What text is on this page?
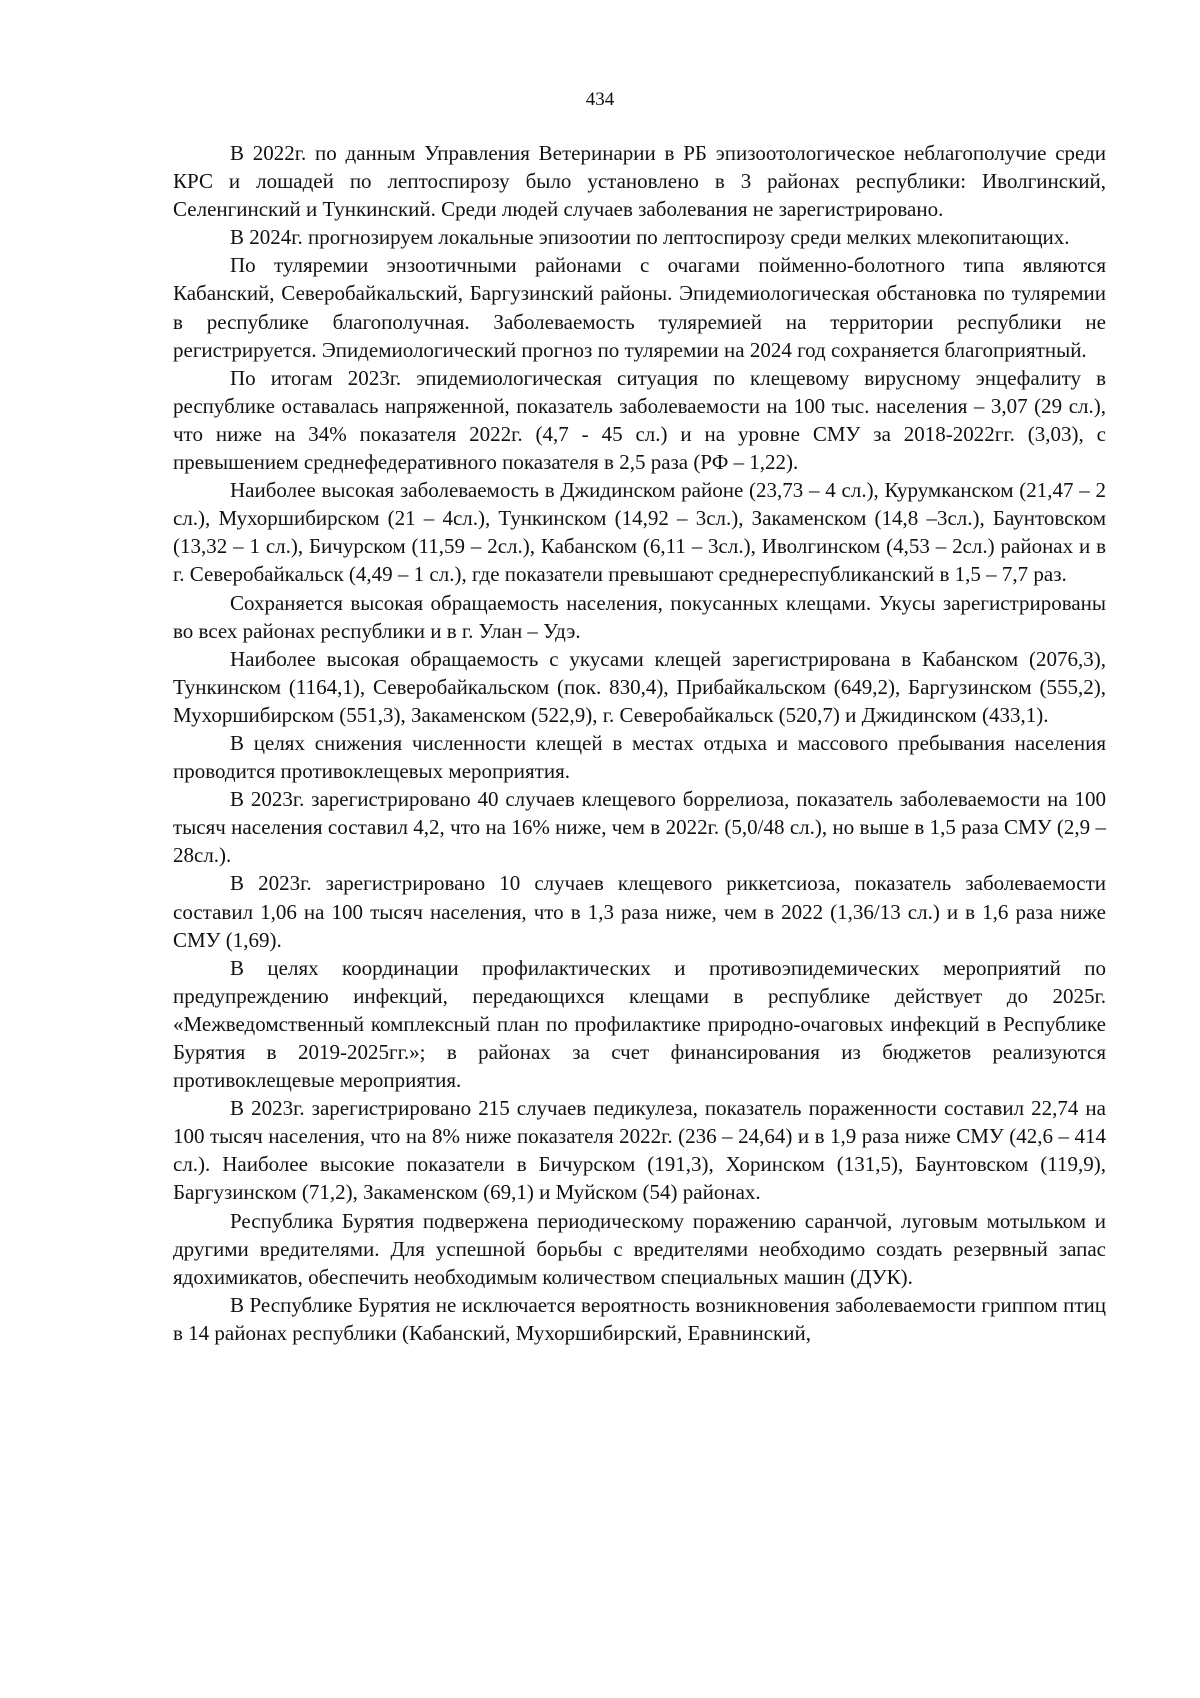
434

В 2022г. по данным Управления Ветеринарии в РБ эпизоотологическое неблагополучие среди КРС и лошадей по лептоспирозу было установлено в 3 районах республики: Иволгинский, Селенгинский и Тункинский. Среди людей случаев заболевания не зарегистрировано.

В 2024г. прогнозируем локальные эпизоотии по лептоспирозу среди мелких млекопитающих.

По туляремии энзоотичными районами с очагами пойменно-болотного типа являются Кабанский, Северобайкальский, Баргузинский районы. Эпидемиологическая обстановка по туляремии в республике благополучная. Заболеваемость туляремией на территории республики не регистрируется. Эпидемиологический прогноз по туляремии на 2024 год сохраняется благоприятный.

По итогам 2023г. эпидемиологическая ситуация по клещевому вирусному энцефалиту в республике оставалась напряженной, показатель заболеваемости на 100 тыс. населения – 3,07 (29 сл.), что ниже на 34% показателя 2022г. (4,7 - 45 сл.) и на уровне СМУ за 2018-2022гг. (3,03), с превышением среднефедеративного показателя в 2,5 раза (РФ – 1,22).

Наиболее высокая заболеваемость в Джидинском районе (23,73 – 4 сл.), Курумканском (21,47 – 2 сл.), Мухоршибирском (21 – 4сл.), Тункинском (14,92 – 3сл.), Закаменском (14,8 –3сл.), Баунтовском (13,32 – 1 сл.), Бичурском (11,59 – 2сл.), Кабанском (6,11 – 3сл.), Иволгинском (4,53 – 2сл.) районах и в г. Северобайкальск (4,49 – 1 сл.), где показатели превышают среднереспубликанский в 1,5 – 7,7 раз.

Сохраняется высокая обращаемость населения, покусанных клещами. Укусы зарегистрированы во всех районах республики и в г. Улан – Удэ.

Наиболее высокая обращаемость с укусами клещей зарегистрирована в Кабанском (2076,3), Тункинском (1164,1), Северобайкальском (пок. 830,4), Прибайкальском (649,2), Баргузинском (555,2), Мухоршибирском (551,3), Закаменском (522,9), г. Северобайкальск (520,7) и Джидинском (433,1).

В целях снижения численности клещей в местах отдыха и массового пребывания населения проводится противоклещевых мероприятия.

В 2023г. зарегистрировано 40 случаев клещевого боррелиоза, показатель заболеваемости на 100 тысяч населения составил 4,2, что на 16% ниже, чем в 2022г. (5,0/48 сл.), но выше в 1,5 раза СМУ (2,9 – 28сл.).

В 2023г. зарегистрировано 10 случаев клещевого риккетсиоза, показатель заболеваемости составил 1,06 на 100 тысяч населения, что в 1,3 раза ниже, чем в 2022 (1,36/13 сл.) и в 1,6 раза ниже СМУ (1,69).

В целях координации профилактических и противоэпидемических мероприятий по предупреждению инфекций, передающихся клещами в республике действует до 2025г. «Межведомственный комплексный план по профилактике природно-очаговых инфекций в Республике Бурятия в 2019-2025гг.»; в районах за счет финансирования из бюджетов реализуются противоклещевые мероприятия.

В 2023г. зарегистрировано 215 случаев педикулеза, показатель пораженности составил 22,74 на 100 тысяч населения, что на 8% ниже показателя 2022г. (236 – 24,64) и в 1,9 раза ниже СМУ (42,6 – 414 сл.). Наиболее высокие показатели в Бичурском (191,3), Хоринском (131,5), Баунтовском (119,9), Баргузинском (71,2), Закаменском (69,1) и Муйском (54) районах.

Республика Бурятия подвержена периодическому поражению саранчой, луговым мотыльком и другими вредителями. Для успешной борьбы с вредителями необходимо создать резервный запас ядохимикатов, обеспечить необходимым количеством специальных машин (ДУК).

В Республике Бурятия не исключается вероятность возникновения заболеваемости гриппом птиц в 14 районах республики (Кабанский, Мухоршибирский, Еравнинский,
